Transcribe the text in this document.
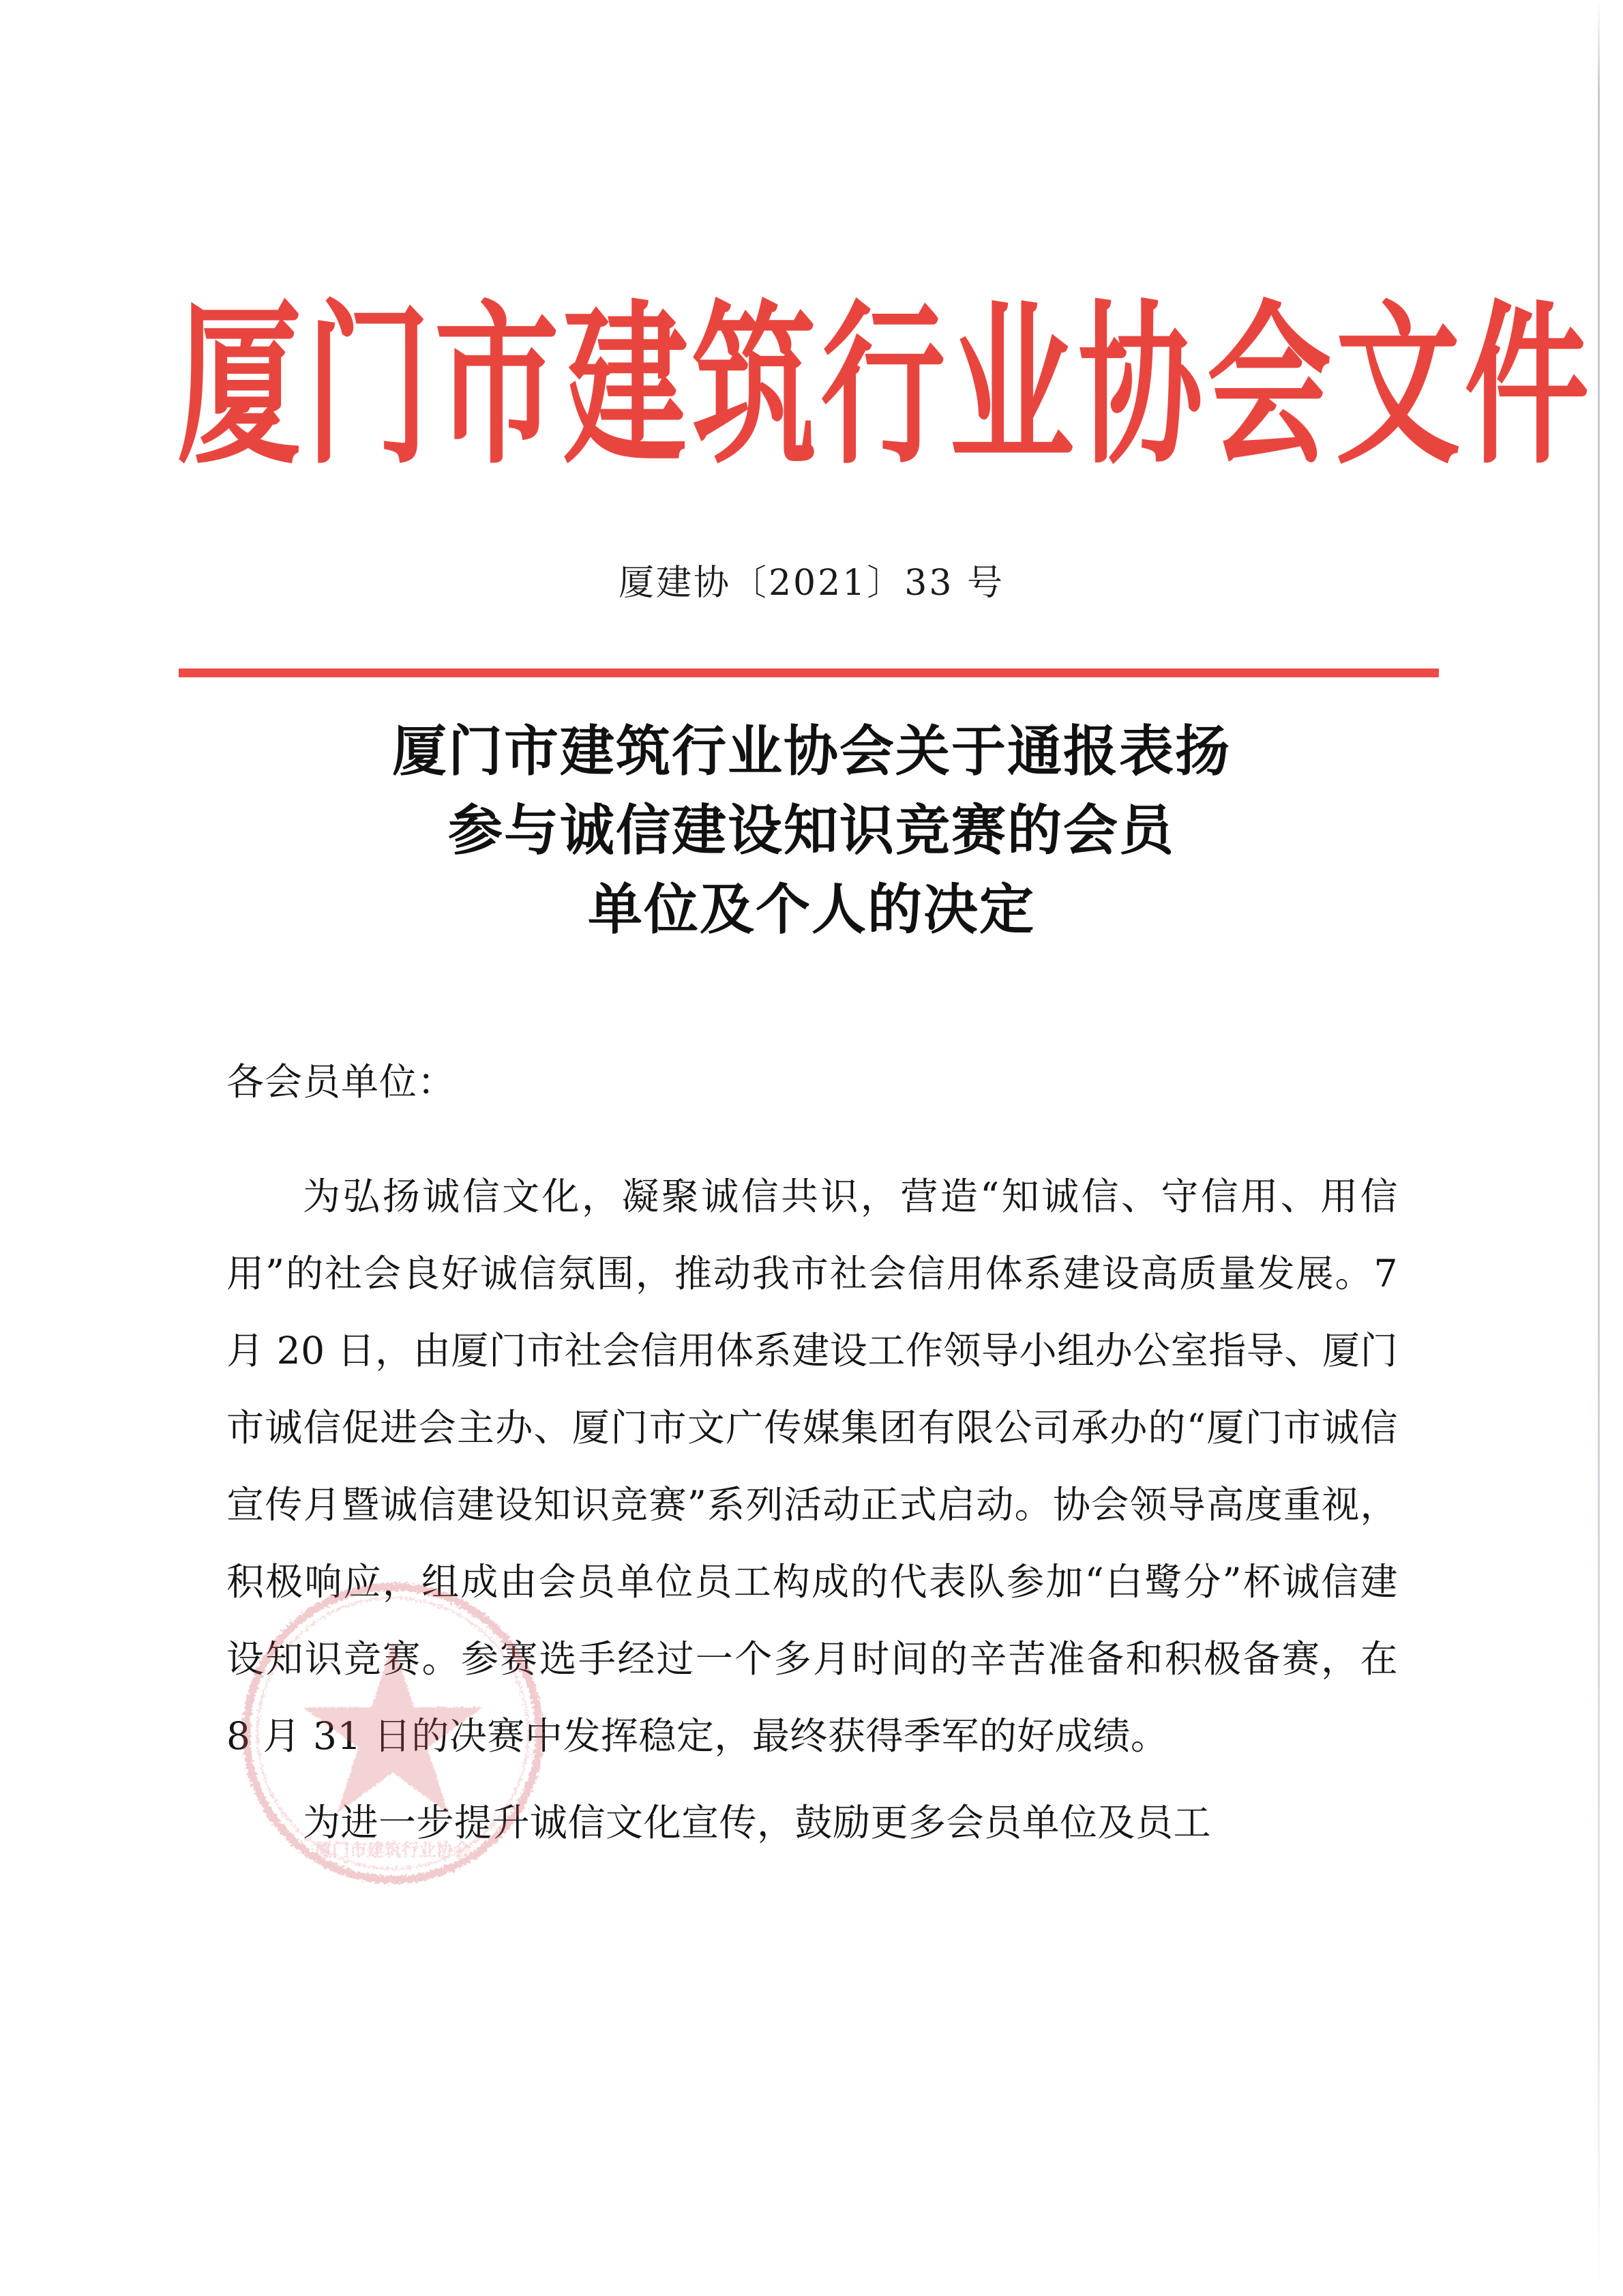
厦门市建筑行业协会文件
厦建协〔2021〕33 号
厦门市建筑行业协会关于通报表扬
参与诚信建设知识竞赛的会员
单位及个人的决定

各会员单位：

为弘扬诚信文化，凝聚诚信共识，营造“知诚信、守信用、用信用”的社会良好诚信氛围，推动我市社会信用体系建设高质量发展。7 月 20 日，由厦门市社会信用体系建设工作领导小组办公室指导、厦门市诚信促进会主办、厦门市文广传媒集团有限公司承办的“厦门市诚信宣传月暨诚信建设知识竞赛”系列活动正式启动。协会领导高度重视，积极响应，组成由会员单位员工构成的代表队参加“白鹭分”杯诚信建设知识竞赛。参赛选手经过一个多月时间的辛苦准备和积极备赛，在 8 月 31 日的决赛中发挥稳定，最终获得季军的好成绩。

为进一步提升诚信文化宣传，鼓励更多会员单位及员工

厦门市建筑行业协会
